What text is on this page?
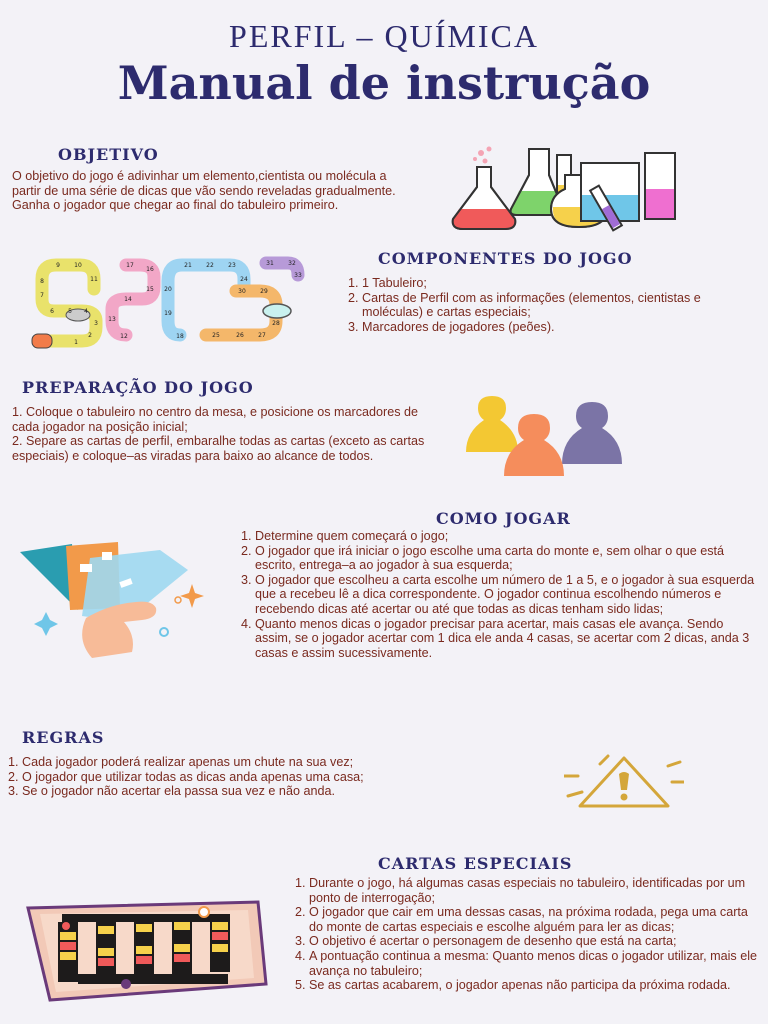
PERFIL – QUÍMICA
Manual de instrução
OBJETIVO
O objetivo do jogo é adivinhar um elemento,cientista ou molécula a partir de uma série de dicas que vão sendo reveladas gradualmente. Ganha o jogador que chegar ao final do tabuleiro primeiro.
1
2
3
4
5
6
7
8
9 10
11
12
13
14
15
16
17
18
19
20
21 22 23
24
25	26 27
28
29
30
31 32
33
COMPONENTES DO JOGO
1. 1 Tabuleiro;
2. Cartas de Perfil com as informações (elementos, cientistas e moléculas) e cartas especiais;
3. Marcadores de jogadores (peões).
PREPARAÇÃO DO JOGO

1. Coloque o tabuleiro no centro da mesa, e posicione os marcadores de cada jogador na posição inicial;

2. Separe as cartas de perfil, embaralhe todas as cartas (exceto as cartas especiais) e coloque–as viradas para baixo ao alcance de todos.

COMO JOGAR
1. Determine quem começará o jogo;
2. O jogador que irá iniciar o jogo escolhe uma carta do monte e, sem olhar o que está escrito, entrega–a ao jogador à sua esquerda;
3. O jogador que escolheu a carta escolhe um número de 1 a 5, e o jogador à sua esquerda que a recebeu lê a dica correspondente. O jogador continua escolhendo números e recebendo dicas até acertar ou até que todas as dicas tenham sido lidas;
4. Quanto menos dicas o jogador precisar para acertar, mais casas ele avança. Sendo assim, se o jogador acertar com 1 dica ele anda 4 casas, se acertar com 2 dicas, anda 3 casas e assim sucessivamente.
REGRAS
1. Cada jogador poderá realizar apenas um chute na sua vez;
2. O jogador que utilizar todas as dicas anda apenas uma casa;
3. Se o jogador não acertar ela passa sua vez e não anda.
CARTAS ESPECIAIS
1. Durante o jogo, há algumas casas especiais no tabuleiro, identificadas por um ponto de interrogação;
2. O jogador que cair em uma dessas casas, na próxima rodada, pega uma carta do monte de cartas especiais e escolhe alguém para ler as dicas;
3. O objetivo é acertar o personagem de desenho que está na carta;
4. A pontuação continua a mesma: Quanto menos dicas o jogador utilizar, mais ele avança no tabuleiro;
5. Se as cartas acabarem, o jogador apenas não participa da próxima rodada.
